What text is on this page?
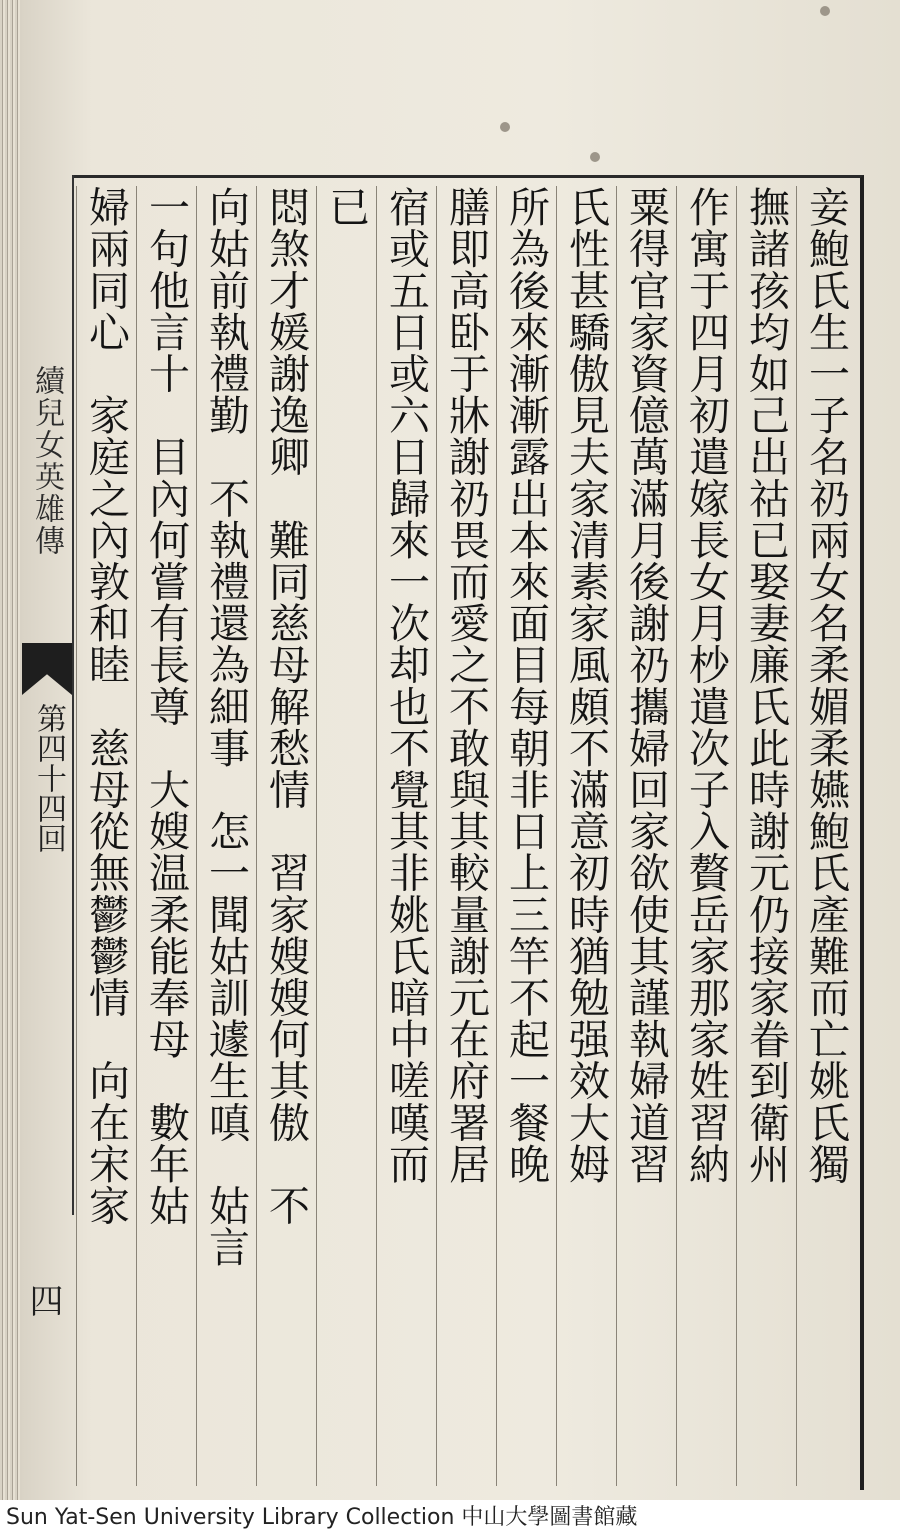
續兒女英雄傳
第四十四回
四
妾鮑氏生一子名礽兩女名柔媚柔嬿鮑氏產難而亡姚氏獨
撫諸孩均如己出祜已娶妻廉氏此時謝元仍接家眷到衛州
作寓于四月初遣嫁長女月杪遣次子入贅岳家那家姓習納
粟得官家資億萬滿月後謝礽攜婦回家欲使其謹執婦道習
氏性甚驕傲見夫家清素家風頗不滿意初時猶勉强效大姆
所為後來漸漸露出本來面目每朝非日上三竿不起一餐晚
膳即高卧于牀謝礽畏而愛之不敢與其較量謝元在府署居
宿或五日或六日歸來一次却也不覺其非姚氏暗中嗟嘆而
已
悶煞才媛謝逸卿　難同慈母解愁情　習家嫂嫂何其傲　不
向姑前執禮勤　不執禮還為細事　怎一聞姑訓遽生嗔　姑言
一句他言十　目內何嘗有長尊　大嫂温柔能奉母　數年姑
婦兩同心　家庭之內敦和睦　慈母從無鬱鬱情　向在宋家
Sun Yat-Sen University Library Collection 中山大學圖書館藏
